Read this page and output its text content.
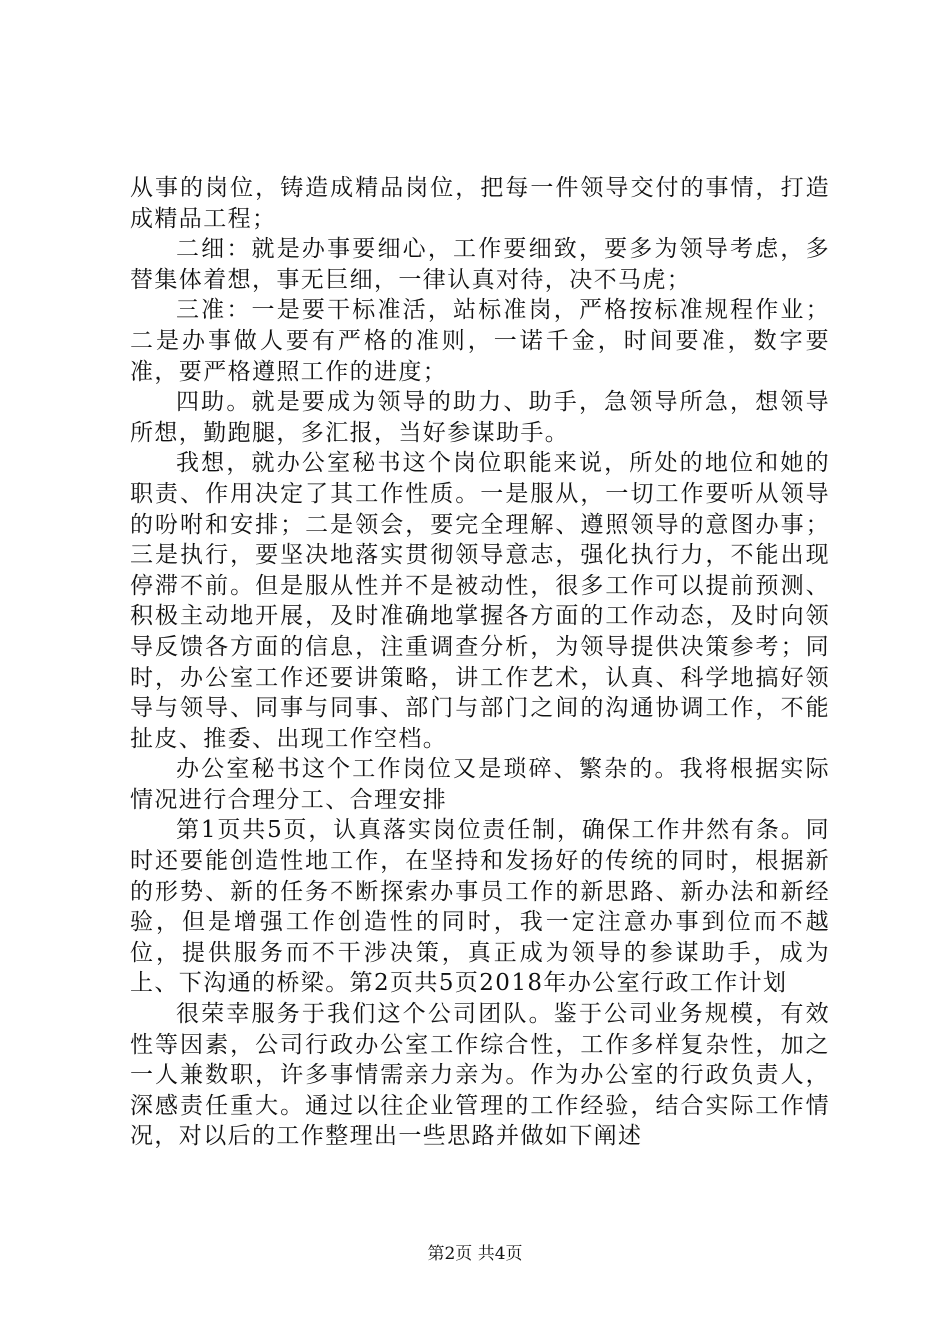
从事的岗位，铸造成精品岗位，把每一件领导交付的事情，打造成精品工程；

二细：就是办事要细心，工作要细致，要多为领导考虑，多替集体着想，事无巨细，一律认真对待，决不马虎；

三准：一是要干标准活，站标准岗，严格按标准规程作业；二是办事做人要有严格的准则，一诺千金，时间要准，数字要准，要严格遵照工作的进度；

四助。就是要成为领导的助力、助手，急领导所急，想领导所想，勤跑腿，多汇报，当好参谋助手。

我想，就办公室秘书这个岗位职能来说，所处的地位和她的职责、作用决定了其工作性质。一是服从，一切工作要听从领导的吩咐和安排；二是领会，要完全理解、遵照领导的意图办事；三是执行，要坚决地落实贯彻领导意志，强化执行力，不能出现停滞不前。但是服从性并不是被动性，很多工作可以提前预测、积极主动地开展，及时准确地掌握各方面的工作动态，及时向领导反馈各方面的信息，注重调查分析，为领导提供决策参考；同时，办公室工作还要讲策略，讲工作艺术，认真、科学地搞好领导与领导、同事与同事、部门与部门之间的沟通协调工作，不能扯皮、推委、出现工作空档。

办公室秘书这个工作岗位又是琐碎、繁杂的。我将根据实际情况进行合理分工、合理安排

第1页共5页，认真落实岗位责任制，确保工作井然有条。同时还要能创造性地工作，在坚持和发扬好的传统的同时，根据新的形势、新的任务不断探索办事员工作的新思路、新办法和新经验，但是增强工作创造性的同时，我一定注意办事到位而不越位，提供服务而不干涉决策，真正成为领导的参谋助手，成为上、下沟通的桥梁。第2页共5页2018年办公室行政工作计划

很荣幸服务于我们这个公司团队。鉴于公司业务规模，有效性等因素，公司行政办公室工作综合性，工作多样复杂性，加之一人兼数职，许多事情需亲力亲为。作为办公室的行政负责人，深感责任重大。通过以往企业管理的工作经验，结合实际工作情况，对以后的工作整理出一些思路并做如下阐述

第2页 共4页
